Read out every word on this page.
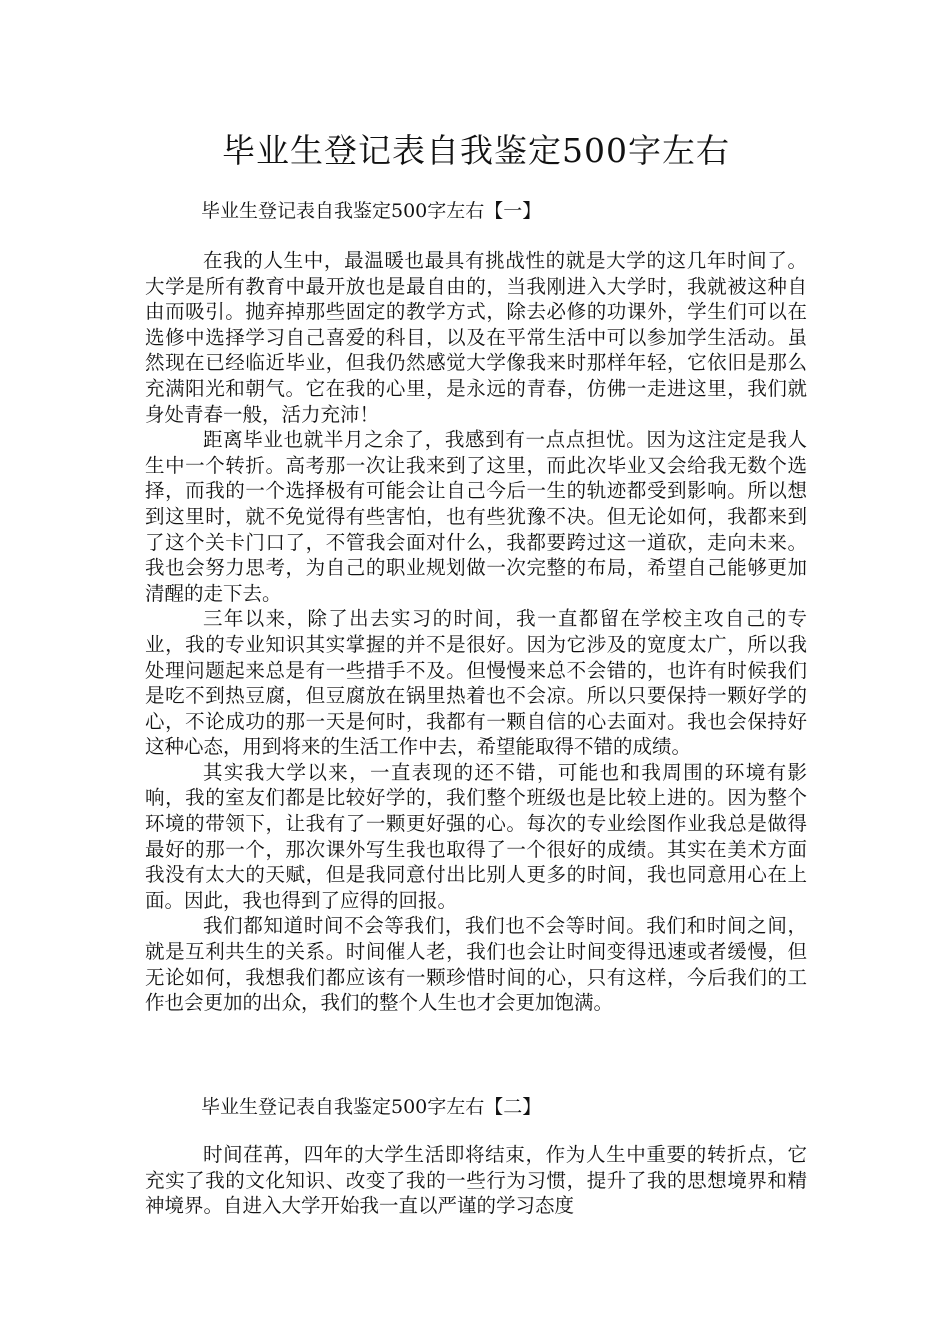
毕业生登记表自我鉴定500字左右
毕业生登记表自我鉴定500字左右【一】

在我的人生中，最温暖也最具有挑战性的就是大学的这几年时间了。大学是所有教育中最开放也是最自由的，当我刚进入大学时，我就被这种自由而吸引。抛弃掉那些固定的教学方式，除去必修的功课外，学生们可以在选修中选择学习自己喜爱的科目，以及在平常生活中可以参加学生活动。虽然现在已经临近毕业，但我仍然感觉大学像我来时那样年轻，它依旧是那么充满阳光和朝气。它在我的心里，是永远的青春，仿佛一走进这里，我们就身处青春一般，活力充沛！

距离毕业也就半月之余了，我感到有一点点担忧。因为这注定是我人生中一个转折。高考那一次让我来到了这里，而此次毕业又会给我无数个选择，而我的一个选择极有可能会让自己今后一生的轨迹都受到影响。所以想到这里时，就不免觉得有些害怕，也有些犹豫不决。但无论如何，我都来到了这个关卡门口了，不管我会面对什么，我都要跨过这一道砍，走向未来。我也会努力思考，为自己的职业规划做一次完整的布局，希望自己能够更加清醒的走下去。

三年以来，除了出去实习的时间，我一直都留在学校主攻自己的专业，我的专业知识其实掌握的并不是很好。因为它涉及的宽度太广，所以我处理问题起来总是有一些措手不及。但慢慢来总不会错的，也许有时候我们是吃不到热豆腐，但豆腐放在锅里热着也不会凉。所以只要保持一颗好学的心，不论成功的那一天是何时，我都有一颗自信的心去面对。我也会保持好这种心态，用到将来的生活工作中去，希望能取得不错的成绩。

其实我大学以来，一直表现的还不错，可能也和我周围的环境有影响，我的室友们都是比较好学的，我们整个班级也是比较上进的。因为整个环境的带领下，让我有了一颗更好强的心。每次的专业绘图作业我总是做得最好的那一个，那次课外写生我也取得了一个很好的成绩。其实在美术方面我没有太大的天赋，但是我同意付出比别人更多的时间，我也同意用心在上面。因此，我也得到了应得的回报。

我们都知道时间不会等我们，我们也不会等时间。我们和时间之间，就是互利共生的关系。时间催人老，我们也会让时间变得迅速或者缓慢，但无论如何，我想我们都应该有一颗珍惜时间的心，只有这样，今后我们的工作也会更加的出众，我们的整个人生也才会更加饱满。

毕业生登记表自我鉴定500字左右【二】

时间荏苒，四年的大学生活即将结束，作为人生中重要的转折点，它充实了我的文化知识、改变了我的一些行为习惯，提升了我的思想境界和精神境界。自进入大学开始我一直以严谨的学习态度
